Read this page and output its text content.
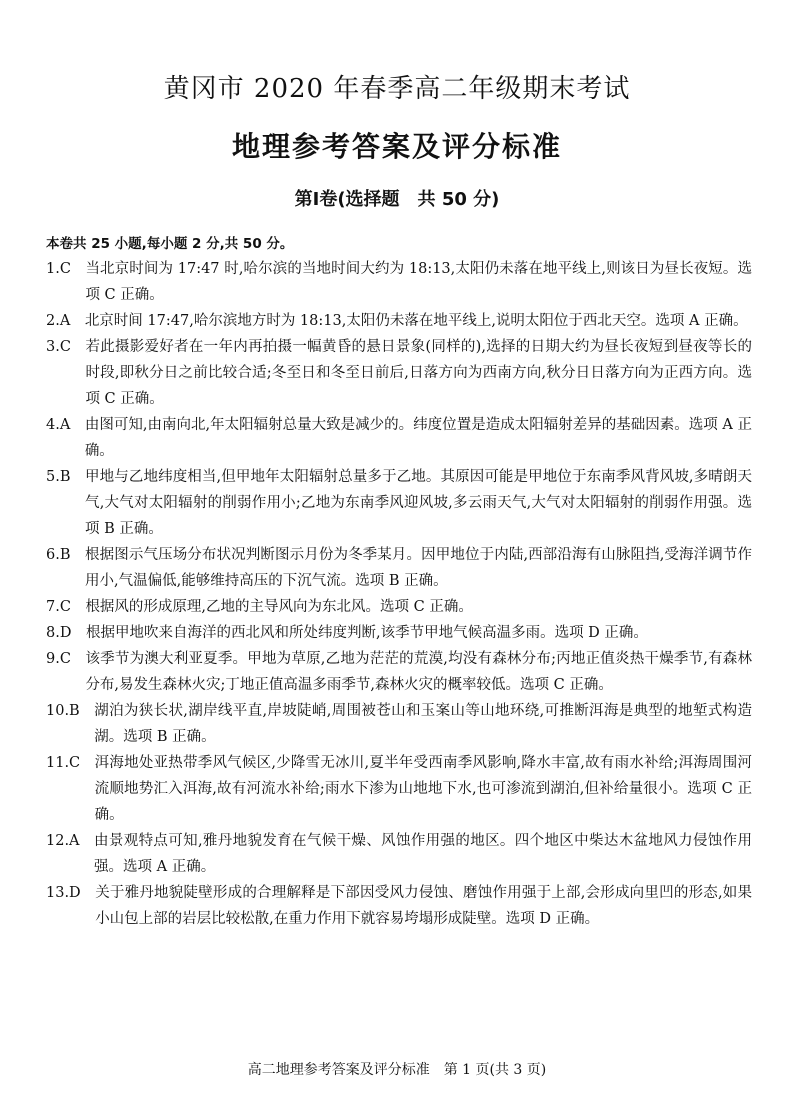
黄冈市 2020 年春季高二年级期末考试
地理参考答案及评分标准
第Ⅰ卷(选择题　共 50 分)
本卷共 25 小题,每小题 2 分,共 50 分。
1.C　 当北京时间为 17:47 时,哈尔滨的当地时间大约为 18:13,太阳仍未落在地平线上,则该日为昼长夜短。选项 C 正确。
2.A　 北京时间 17:47,哈尔滨地方时为 18:13,太阳仍未落在地平线上,说明太阳位于西北天空。选项 A 正确。
3.C　 若此摄影爱好者在一年内再拍摄一幅黄昏的悬日景象(同样的),选择的日期大约为昼长夜短到昼夜等长的时段,即秋分日之前比较合适;冬至日和冬至日前后,日落方向为西南方向,秋分日日落方向为正西方向。选项 C 正确。
4.A　 由图可知,由南向北,年太阳辐射总量大致是减少的。纬度位置是造成太阳辐射差异的基础因素。选项 A 正确。
5.B　 甲地与乙地纬度相当,但甲地年太阳辐射总量多于乙地。其原因可能是甲地位于东南季风背风坡,多晴朗天气,大气对太阳辐射的削弱作用小;乙地为东南季风迎风坡,多云雨天气,大气对太阳辐射的削弱作用强。选项 B 正确。
6.B　 根据图示气压场分布状况判断图示月份为冬季某月。因甲地位于内陆,西部沿海有山脉阻挡,受海洋调节作用小,气温偏低,能够维持高压的下沉气流。选项 B 正确。
7.C　 根据风的形成原理,乙地的主导风向为东北风。选项 C 正确。
8.D　 根据甲地吹来自海洋的西北风和所处纬度判断,该季节甲地气候高温多雨。选项 D 正确。
9.C　 该季节为澳大利亚夏季。甲地为草原,乙地为茫茫的荒漠,均没有森林分布;丙地正值炎热干燥季节,有森林分布,易发生森林火灾;丁地正值高温多雨季节,森林火灾的概率较低。选项 C 正确。
10.B　 湖泊为狭长状,湖岸线平直,岸坡陡峭,周围被苍山和玉案山等山地环绕,可推断洱海是典型的地堑式构造湖。选项 B 正确。
11.C　 洱海地处亚热带季风气候区,少降雪无冰川,夏半年受西南季风影响,降水丰富,故有雨水补给;洱海周围河流顺地势汇入洱海,故有河流水补给;雨水下渗为山地地下水,也可渗流到湖泊,但补给量很小。选项 C 正确。
12.A　 由景观特点可知,雅丹地貌发育在气候干燥、风蚀作用强的地区。四个地区中柴达木盆地风力侵蚀作用强。选项 A 正确。
13.D　 关于雅丹地貌陡壁形成的合理解释是下部因受风力侵蚀、磨蚀作用强于上部,会形成向里凹的形态,如果小山包上部的岩层比较松散,在重力作用下就容易垮塌形成陡壁。选项 D 正确。
高二地理参考答案及评分标准　第 1 页(共 3 页)
